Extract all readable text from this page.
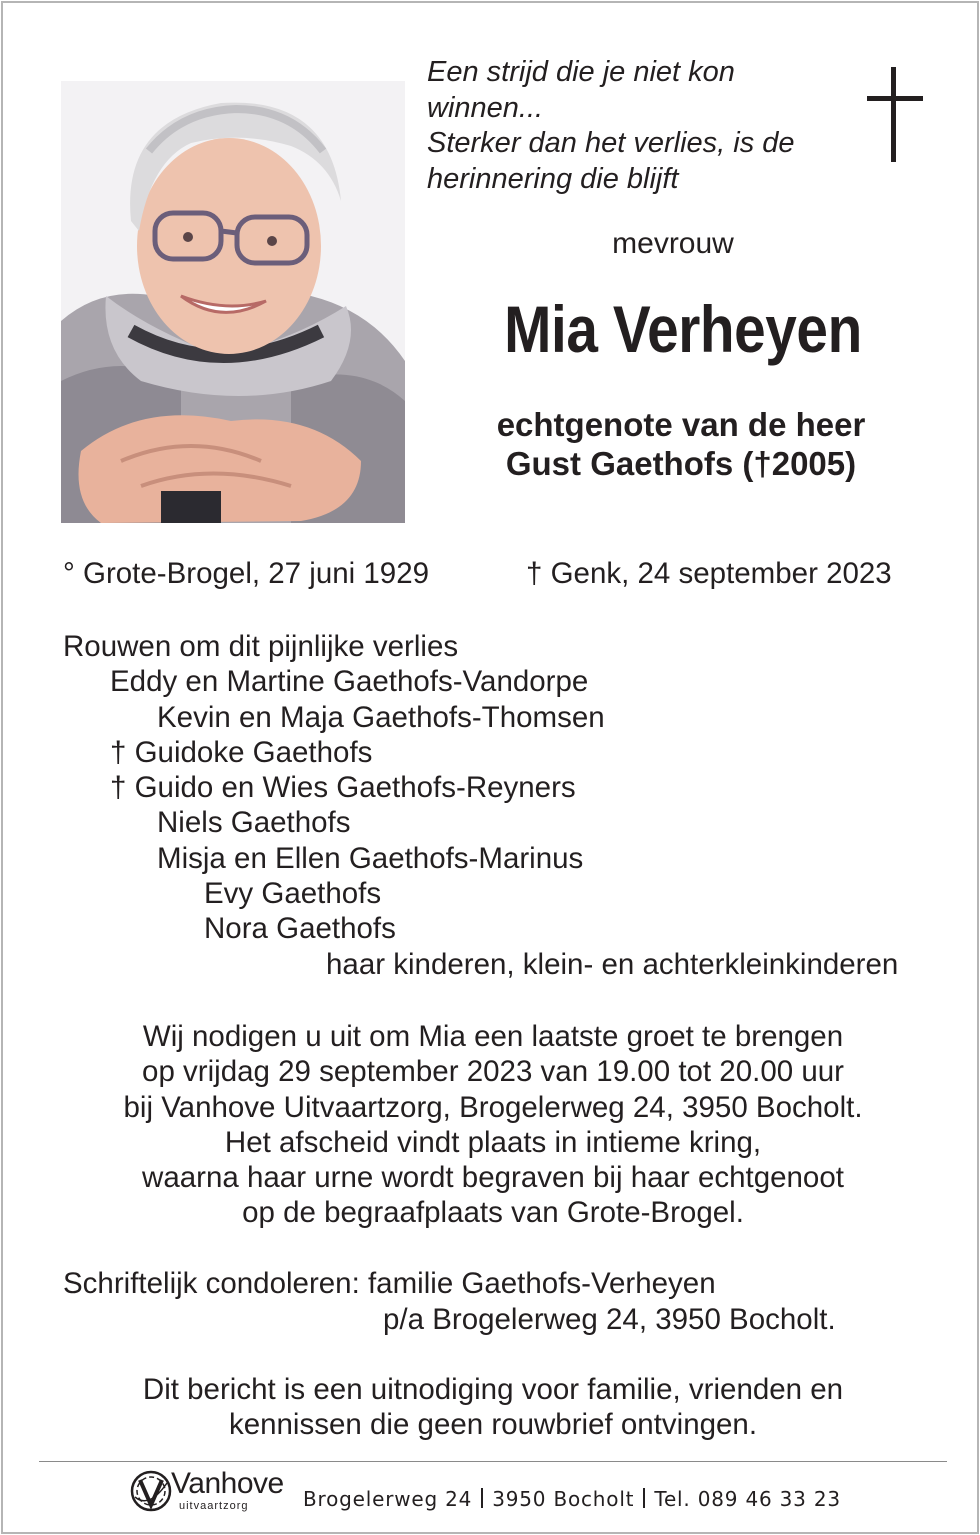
Een strijd die je niet kon
winnen...
Sterker dan het verlies, is de
herinnering die blijft
mevrouw
Mia Verheyen
echtgenote van de heer
Gust Gaethofs (†2005)
° Grote-Brogel, 27 juni 1929	† Genk, 24 september 2023
Rouwen om dit pijnlijke verlies
Eddy en Martine Gaethofs-Vandorpe
Kevin en Maja Gaethofs-Thomsen
† Guidoke Gaethofs
† Guido en Wies Gaethofs-Reyners
Niels Gaethofs
Misja en Ellen Gaethofs-Marinus
Evy Gaethofs
Nora Gaethofs
haar kinderen, klein- en achterkleinkinderen
Wij nodigen u uit om Mia een laatste groet te brengen
op vrijdag 29 september 2023 van 19.00 tot 20.00 uur
bij Vanhove Uitvaartzorg, Brogelerweg 24, 3950 Bocholt.
Het afscheid vindt plaats in intieme kring,
waarna haar urne wordt begraven bij haar echtgenoot
op de begraafplaats van Grote-Brogel.
Schriftelijk condoleren: familie Gaethofs-Verheyen
p/a Brogelerweg 24, 3950 Bocholt.
Dit bericht is een uitnodiging voor familie, vrienden en
kennissen die geen rouwbrief ontvingen.
Vanhove
uitvaartzorg	Brogelerweg 24 3950 Bocholt Tel. 089 46 33 23
